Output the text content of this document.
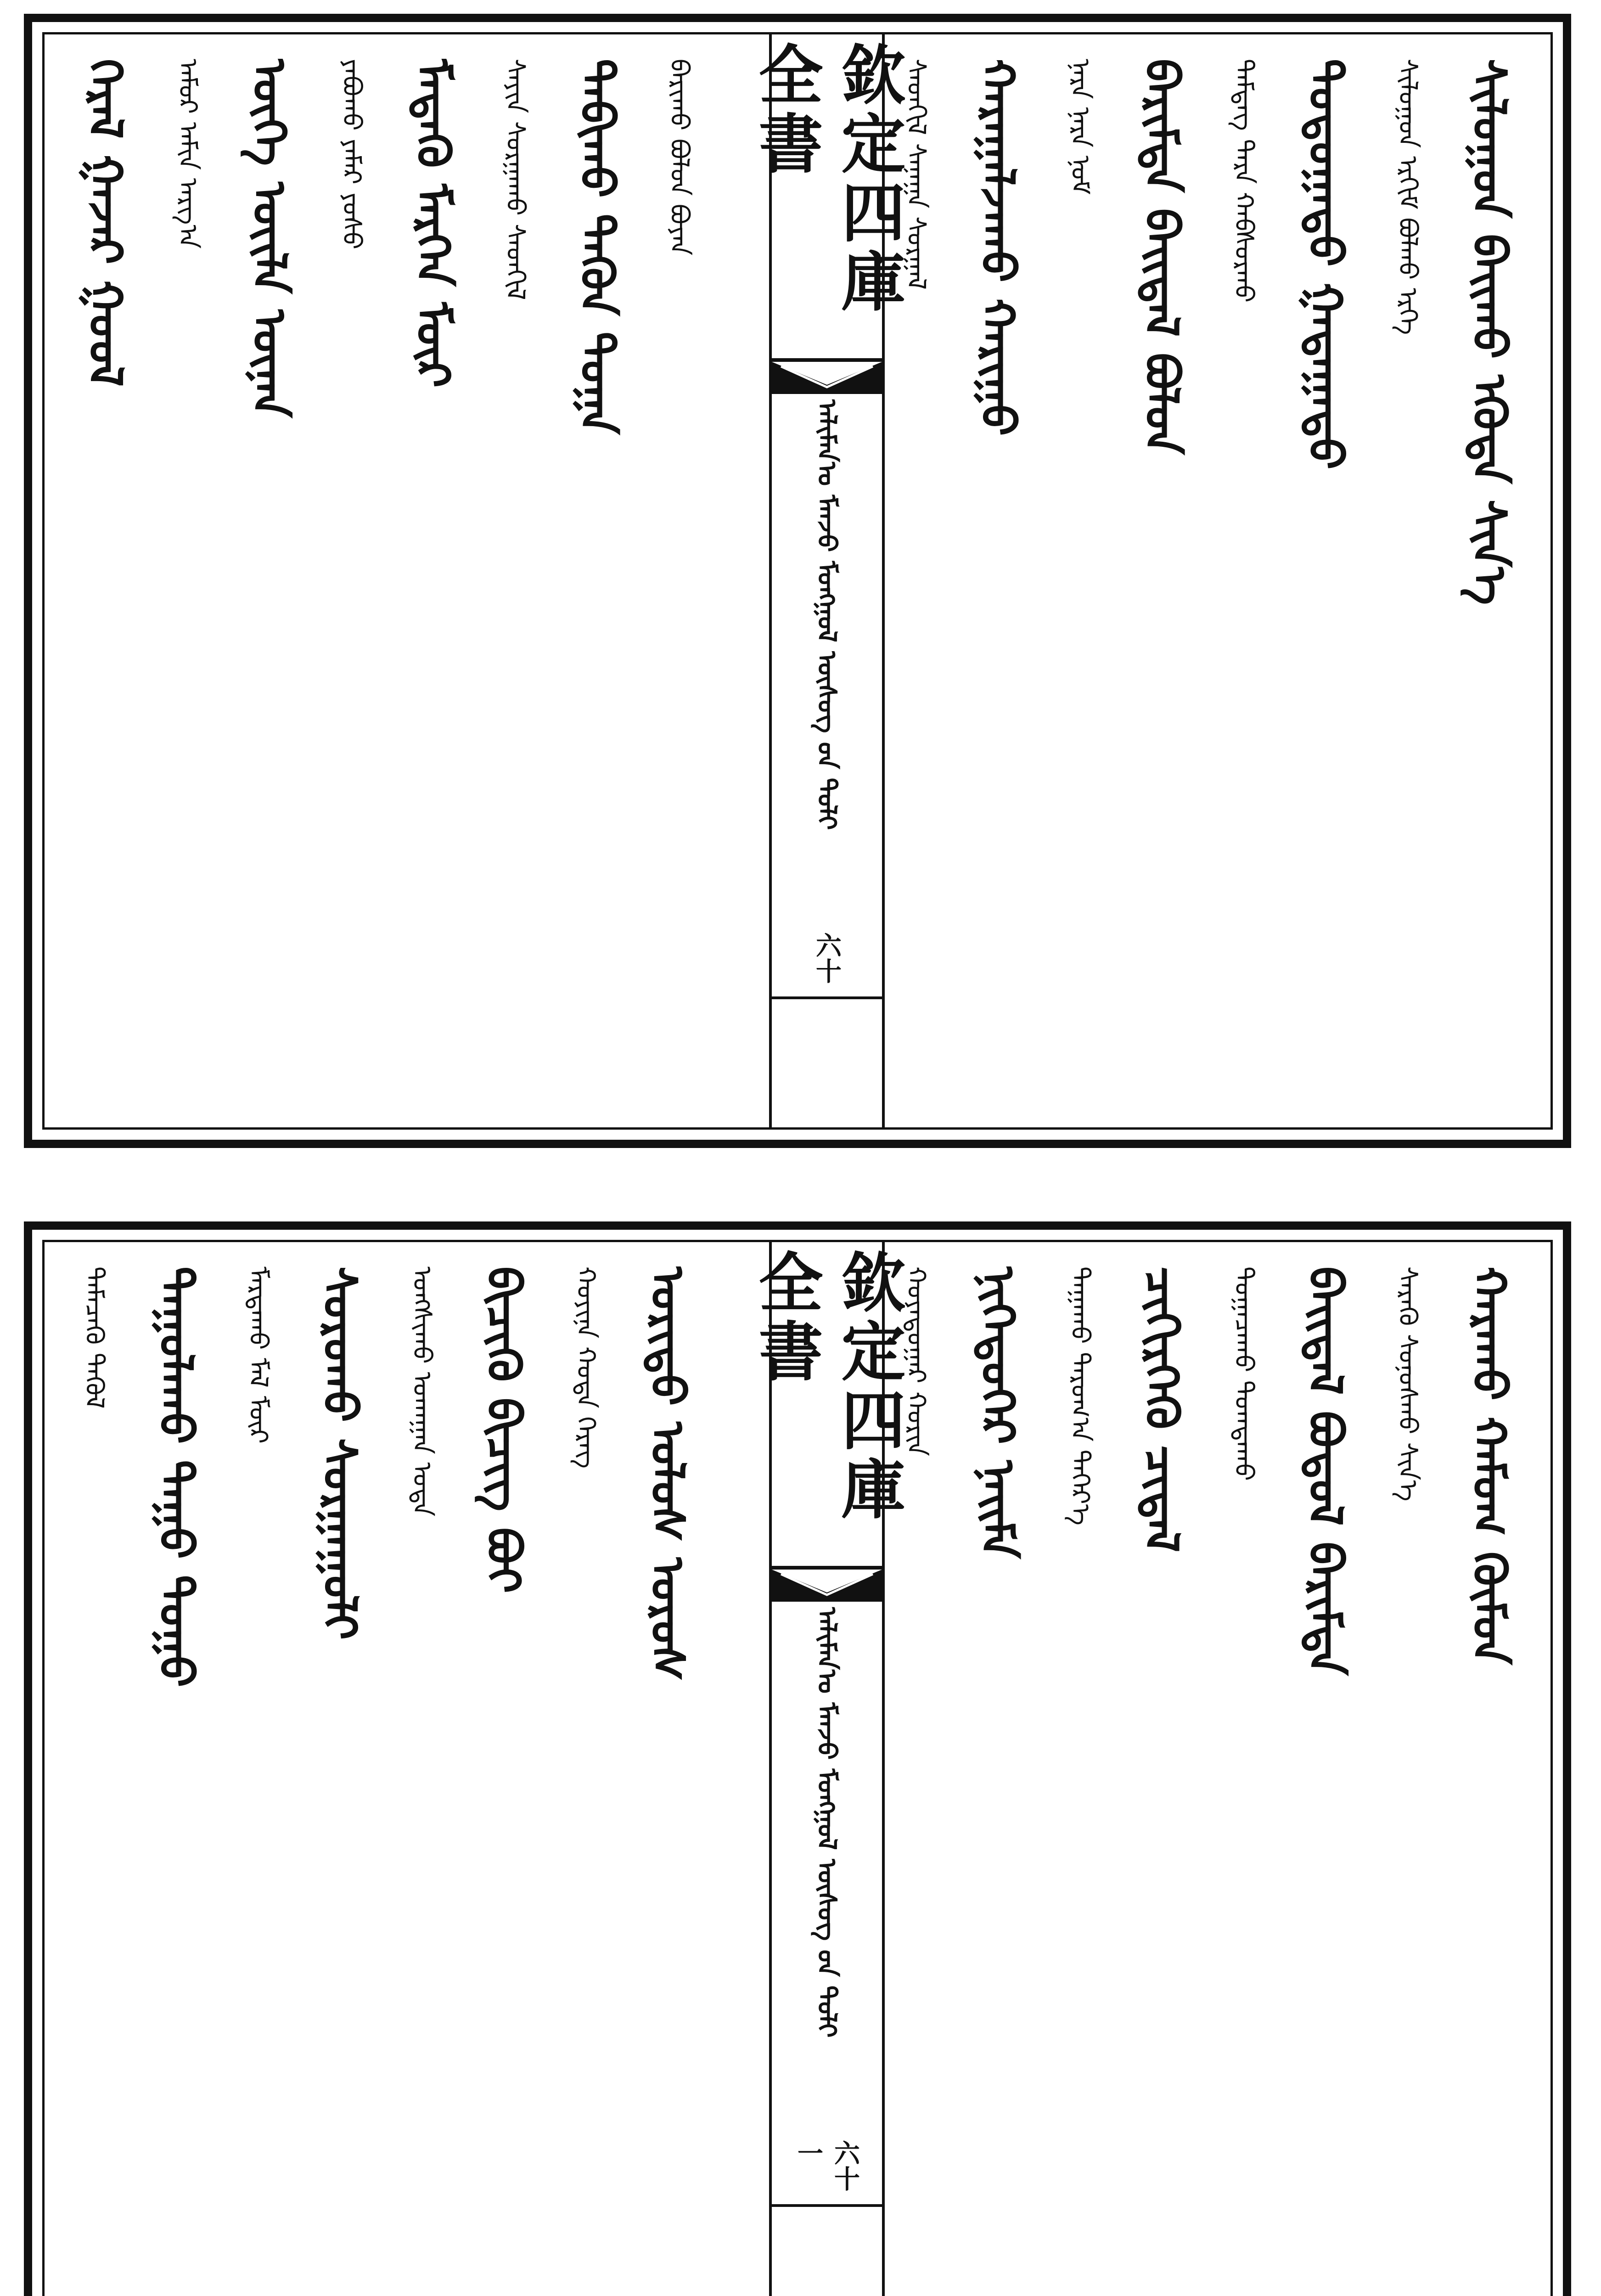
ᠰᠢᠯᠤᠭᠤᠨ ᠪᠠᠢ᠌ᠬᠤ ᠡᠭᠦᠳᠡ ᠰᠢᠨ᠎ᠡ
ᠰᠢᠯᠤᠭᠤᠨ ᠡᠷᠬᠢᠮ ᠪᠤᠯᠬᠤ ᠡᠷᠬᠡ
ᠳᠣᠲᠣᠭᠠᠳᠤ ᠭᠠᠳᠠᠭᠠᠳᠤ
ᠲᠡᠮᠳᠡᠭ ᠲᠡᠷᠡ ᠬᠠᠪᠰᠤᠷᠬᠤ
ᠪᠠᠷᠢᠮᠲᠠ ᠪᠠᠢ᠌ᠳᠠᠯ ᠪᠣᠯᠤᠨ
ᠨᠡᠷᠡ ᠨᠠᠷᠠ ᠨᠣᠮ
ᠬᠠᠷᠠᠭᠠᠯᠵᠠᠬᠤ ᠬᠠᠷᠢᠭᠤ
ᠰᠡᠳᠬᠢᠯ ᠰᠠᠨᠠᠭᠠ ᠰᠤᠷᠭᠠᠯ
欽定四庫全書
ᠠᠯᠢᠮᠠᠨ᠎ᠤ ᠮᠠᠨᠵᠤ ᠮᠣᠩᠭᠣᠯ ᠦᠰᠦᠭ᠌ ᠤ᠋ᠨ ᠲᠣᠯᠢ
六十
ᠪᠠᠷᠢᠬᠤ ᠪᠤᠯᠤᠨ ᠪᠤᠶᠠᠨ
ᠲᠠᠪᠢᠬᠤ ᠲᠡᠭᠦᠨ ᠲᠣᠭᠠ
ᠰᠠᠶᠢᠨ ᠰᠤᠷᠭᠠᠬᠤ ᠰᠡᠳᠬᠢᠯ
ᠮᠡᠳᠡᠬᠦ ᠮᠡᠷᠭᠡᠨ ᠮᠦᠷ
ᠶᠠᠪᠤᠬᠤ ᠶᠠᠮᠠᠷ ᠶᠣᠰᠤ
ᠦᠭᠡ ᠦᠢᠯᠡ ᠦᠨᠡᠨ
ᠠᠮᠤᠷ ᠠᠮᠢᠨ ᠠᠷᠭ᠎ᠠ
ᠭᠡᠷᠡᠯ ᠭᠠᠵᠠᠷ ᠭᠣᠣᠯ
ᠬᠠᠷᠠᠬᠤ ᠬᠠᠮᠤᠭ ᠬᠦᠮᠦᠨ
ᠰᠡᠷᠡᠬᠦ ᠰᠣᠨᠤᠰᠬᠤ ᠰᠢᠨ᠎ᠡ
ᠪᠠᠢ᠌ᠳᠠᠯ ᠪᠣᠳᠤᠯ ᠪᠠᠷᠢᠮᠲᠠ
ᠲᠣᠭᠠᠴᠠᠬᠤ ᠲᠣᠭᠲᠠᠬᠤ
ᠴᠢᠬᠢᠷᠬᠡᠬᠦ ᠴᠢᠳᠠᠯ
ᠳᠠᠭᠠᠬᠤ ᠳᠠᠷᠤᠭ᠎ᠠ ᠳᠡᠭᠡᠷ᠎ᠡ
ᠨᠢᠭᠡᠳᠦᠭᠡᠷ ᠨᠠᠢ᠌ᠮᠠ
ᠬᠣᠶᠠᠳᠤᠭᠠᠷ ᠬᠣᠷᠢᠨ
欽定四庫全書
ᠠᠯᠢᠮᠠᠨ᠎ᠤ ᠮᠠᠨᠵᠤ ᠮᠣᠩᠭᠣᠯ ᠦᠰᠦᠭ᠌ ᠤ᠋ᠨ ᠲᠣᠯᠢ
六十一
ᠤᠷᠢᠳᠤ ᠤᠯᠤᠰ ᠤᠷᠤᠰ
ᠬᠣᠶᠢᠨᠠ ᠬᠣᠲᠠ ᠬᠡᠷᠡᠭ
ᠪᠢᠴᠢᠬᠦ ᠪᠢᠴᠢᠭ ᠪᠤᠢ
ᠤᠩᠰᠢᠬᠤ ᠤᠬᠠᠭᠠᠨ ᠤᠳᠠ
ᠰᠤᠷᠤᠬᠤ ᠰᠤᠷᠭᠠᠭᠤᠯᠢ
ᠮᠠᠷᠲᠠᠬᠤ ᠮᠠᠯ ᠮᠥᠷ
ᠳᠠᠭᠤᠯᠠᠬᠤ ᠳᠠᠭᠤ ᠳᠤᠭᠤ
ᠲᠡᠮᠡᠴᠡᠬᠦ ᠲᠡᠭᠦᠯ
